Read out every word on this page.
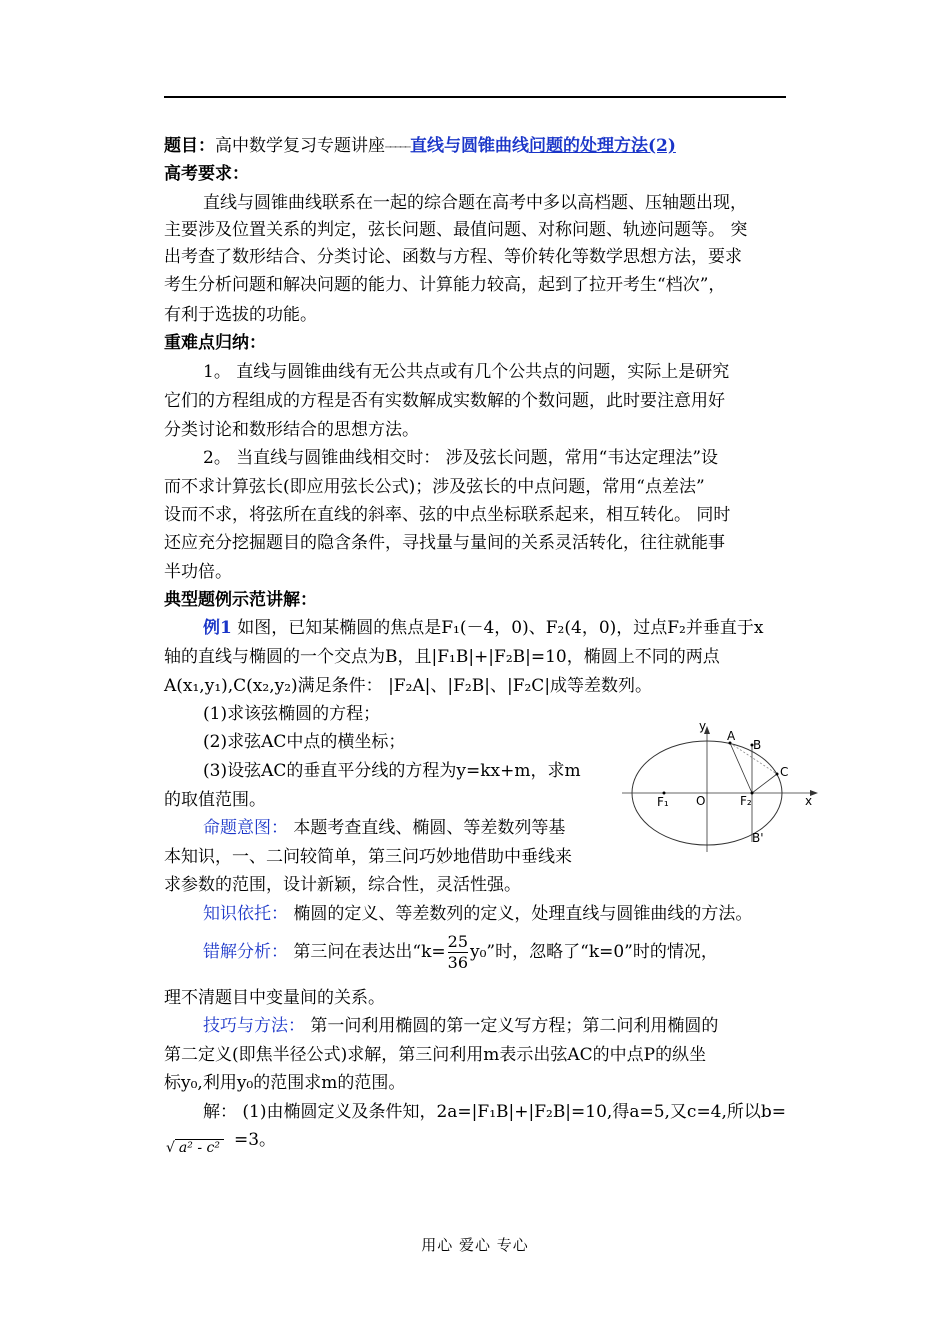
题目：高中数学复习专题讲座……………直线与圆锥曲线问题的处理方法(2)
高考要求：
直线与圆锥曲线联系在一起的综合题在高考中多以高档题、压轴题出现，
主要涉及位置关系的判定，弦长问题、最值问题、对称问题、轨迹问题等。 突
出考查了数形结合、分类讨论、函数与方程、等价转化等数学思想方法，要求
考生分析问题和解决问题的能力、计算能力较高，起到了拉开考生“档次”，
有利于选拔的功能。
重难点归纳：
1。 直线与圆锥曲线有无公共点或有几个公共点的问题，实际上是研究
它们的方程组成的方程是否有实数解成实数解的个数问题，此时要注意用好
分类讨论和数形结合的思想方法。
2。 当直线与圆锥曲线相交时： 涉及弦长问题，常用“韦达定理法”设
而不求计算弦长(即应用弦长公式)；涉及弦长的中点问题，常用“点差法”
设而不求，将弦所在直线的斜率、弦的中点坐标联系起来，相互转化。 同时
还应充分挖掘题目的隐含条件，寻找量与量间的关系灵活转化，往往就能事
半功倍。
典型题例示范讲解：
例1 如图，已知某椭圆的焦点是F₁(－4，0)、F₂(4，0)，过点F₂并垂直于x
轴的直线与椭圆的一个交点为B，且|F₁B|+|F₂B|=10，椭圆上不同的两点
A(x₁,y₁),C(x₂,y₂)满足条件： |F₂A|、|F₂B|、|F₂C|成等差数列。
(1)求该弦椭圆的方程；
(2)求弦AC中点的横坐标；
(3)设弦AC的垂直平分线的方程为y=kx+m，求m
的取值范围。
命题意图： 本题考查直线、椭圆、等差数列等基
本知识，一、二问较简单，第三问巧妙地借助中垂线来
求参数的范围，设计新颖，综合性，灵活性强。
知识依托： 椭圆的定义、等差数列的定义，处理直线与圆锥曲线的方法。
错解分析： 第三问在表达出“$k= \frac{25}{36} y_0$”时，忽略了“k=0”时的情况，
理不清题目中变量间的关系。
技巧与方法： 第一问利用椭圆的第一定义写方程；第二问利用椭圆的
第二定义(即焦半径公式)求解，第三问利用m表示出弦AC的中点P的纵坐
标y₀,利用y₀的范围求m的范围。
解： (1)由椭圆定义及条件知，2a=|F₁B|+|F₂B|=10,得a=5,又c=4,所以b=
=3。
√ a² - c²
y
A
B
C
F₁ O	F₂	x
B'
用心 爱心 专心
